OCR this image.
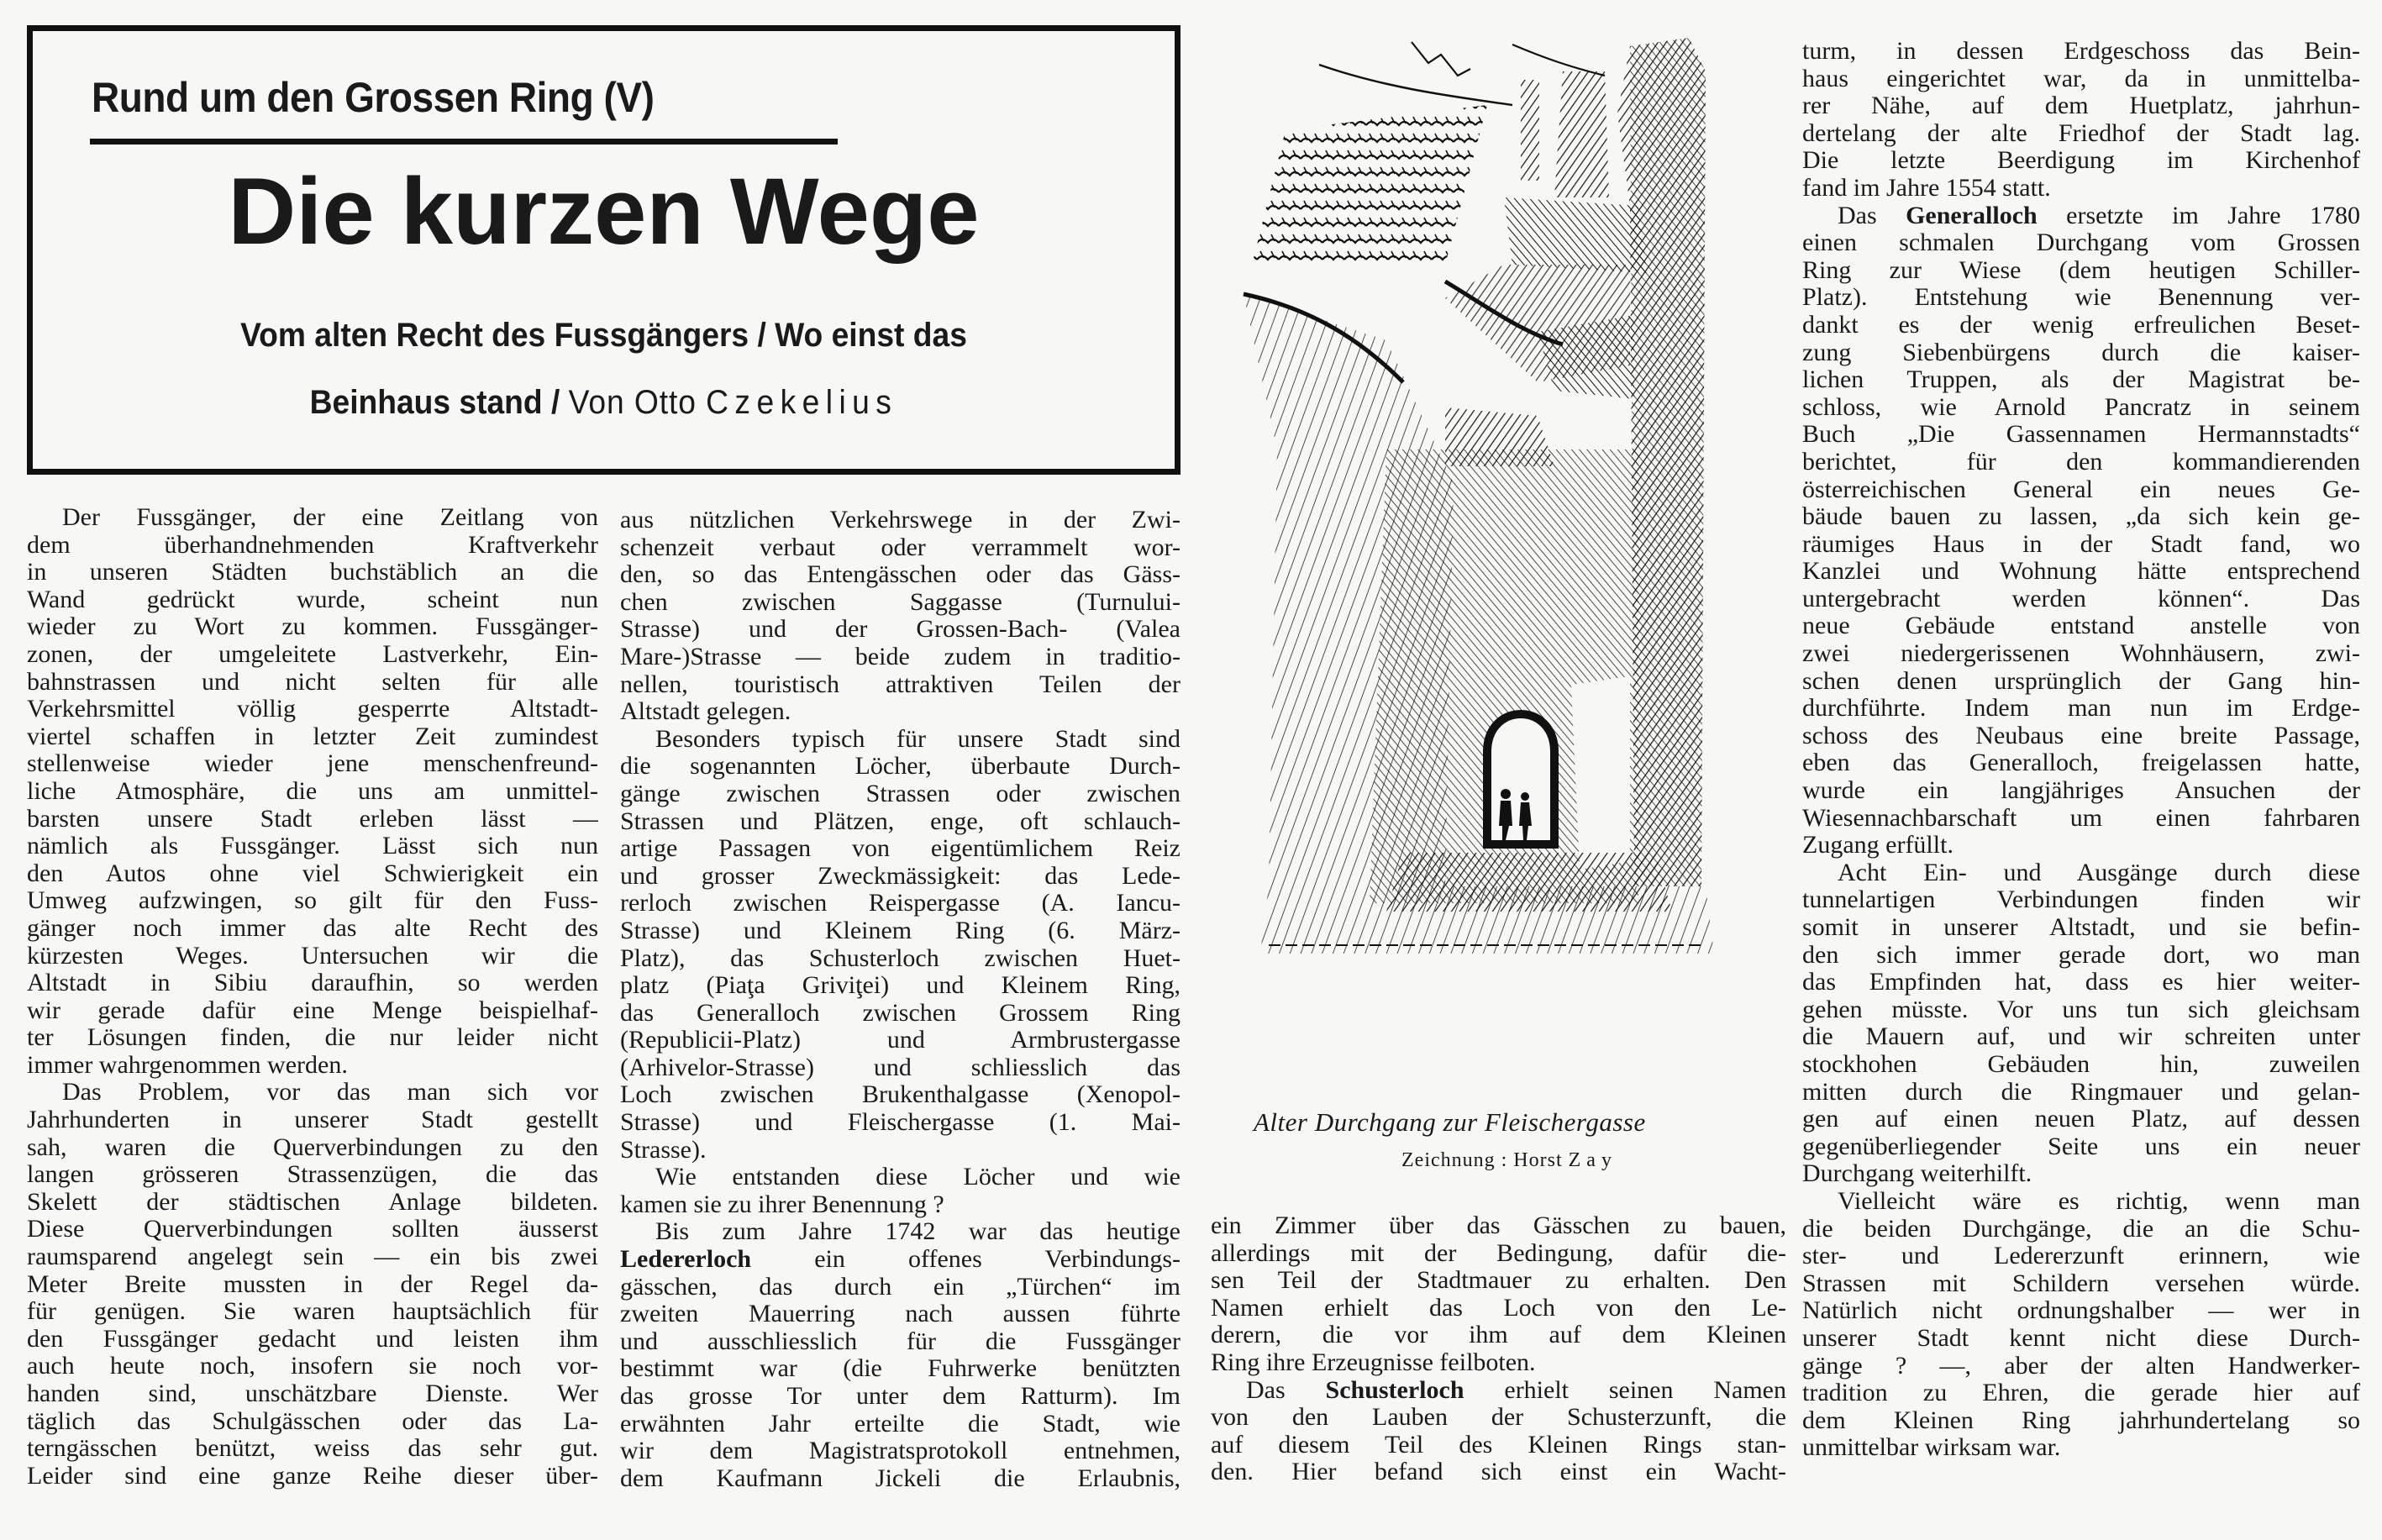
Rund um den Grossen Ring (V)
Die kurzen Wege
Vom alten Recht des Fussgängers / Wo einst das
Beinhaus stand / Von Otto Czekelius
Der Fussgänger, der eine Zeitlang von
dem überhandnehmenden Kraftverkehr
in unseren Städten buchstäblich an die
Wand gedrückt wurde, scheint nun
wieder zu Wort zu kommen. Fussgänger-
zonen, der umgeleitete Lastverkehr, Ein-
bahnstrassen und nicht selten für alle
Verkehrsmittel völlig gesperrte Altstadt-
viertel schaffen in letzter Zeit zumindest
stellenweise wieder jene menschenfreund-
liche Atmosphäre, die uns am unmittel-
barsten unsere Stadt erleben lässt —
nämlich als Fussgänger. Lässt sich nun
den Autos ohne viel Schwierigkeit ein
Umweg aufzwingen, so gilt für den Fuss-
gänger noch immer das alte Recht des
kürzesten Weges. Untersuchen wir die
Altstadt in Sibiu daraufhin, so werden
wir gerade dafür eine Menge beispielhaf-
ter Lösungen finden, die nur leider nicht
immer wahrgenommen werden.
Das Problem, vor das man sich vor
Jahrhunderten in unserer Stadt gestellt
sah, waren die Querverbindungen zu den
langen grösseren Strassenzügen, die das
Skelett der städtischen Anlage bildeten.
Diese Querverbindungen sollten äusserst
raumsparend angelegt sein — ein bis zwei
Meter Breite mussten in der Regel da-
für genügen. Sie waren hauptsächlich für
den Fussgänger gedacht und leisten ihm
auch heute noch, insofern sie noch vor-
handen sind, unschätzbare Dienste. Wer
täglich das Schulgässchen oder das La-
terngässchen benützt, weiss das sehr gut.
Leider sind eine ganze Reihe dieser über-
aus nützlichen Verkehrswege in der Zwi-
schenzeit verbaut oder verrammelt wor-
den, so das Entengässchen oder das Gäss-
chen zwischen Saggasse (Turnului-
Strasse) und der Grossen-Bach- (Valea
Mare-)Strasse — beide zudem in traditio-
nellen, touristisch attraktiven Teilen der
Altstadt gelegen.
Besonders typisch für unsere Stadt sind
die sogenannten Löcher, überbaute Durch-
gänge zwischen Strassen oder zwischen
Strassen und Plätzen, enge, oft schlauch-
artige Passagen von eigentümlichem Reiz
und grosser Zweckmässigkeit: das Lede-
rerloch zwischen Reispergasse (A. Iancu-
Strasse) und Kleinem Ring (6. März-
Platz), das Schusterloch zwischen Huet-
platz (Piaţa Griviţei) und Kleinem Ring,
das Generalloch zwischen Grossem Ring
(Republicii-Platz) und Armbrustergasse
(Arhivelor-Strasse) und schliesslich das
Loch zwischen Brukenthalgasse (Xenopol-
Strasse) und Fleischergasse (1. Mai-
Strasse).
Wie entstanden diese Löcher und wie
kamen sie zu ihrer Benennung ?
Bis zum Jahre 1742 war das heutige
Ledererloch ein offenes Verbindungs-
gässchen, das durch ein „Türchen“ im
zweiten Mauerring nach aussen führte
und ausschliesslich für die Fussgänger
bestimmt war (die Fuhrwerke benützten
das grosse Tor unter dem Ratturm). Im
erwähnten Jahr erteilte die Stadt, wie
wir dem Magistratsprotokoll entnehmen,
dem Kaufmann Jickeli die Erlaubnis,
Alter Durchgang zur Fleischergasse
Zeichnung : Horst Zay
ein Zimmer über das Gässchen zu bauen,
allerdings mit der Bedingung, dafür die-
sen Teil der Stadtmauer zu erhalten. Den
Namen erhielt das Loch von den Le-
derern, die vor ihm auf dem Kleinen
Ring ihre Erzeugnisse feilboten.
Das Schusterloch erhielt seinen Namen
von den Lauben der Schusterzunft, die
auf diesem Teil des Kleinen Rings stan-
den. Hier befand sich einst ein Wacht-
turm, in dessen Erdgeschoss das Bein-
haus eingerichtet war, da in unmittelba-
rer Nähe, auf dem Huetplatz, jahrhun-
dertelang der alte Friedhof der Stadt lag.
Die letzte Beerdigung im Kirchenhof
fand im Jahre 1554 statt.
Das Generalloch ersetzte im Jahre 1780
einen schmalen Durchgang vom Grossen
Ring zur Wiese (dem heutigen Schiller-
Platz). Entstehung wie Benennung ver-
dankt es der wenig erfreulichen Beset-
zung Siebenbürgens durch die kaiser-
lichen Truppen, als der Magistrat be-
schloss, wie Arnold Pancratz in seinem
Buch „Die Gassennamen Hermannstadts“
berichtet, für den kommandierenden
österreichischen General ein neues Ge-
bäude bauen zu lassen, „da sich kein ge-
räumiges Haus in der Stadt fand, wo
Kanzlei und Wohnung hätte entsprechend
untergebracht werden können“. Das
neue Gebäude entstand anstelle von
zwei niedergerissenen Wohnhäusern, zwi-
schen denen ursprünglich der Gang hin-
durchführte. Indem man nun im Erdge-
schoss des Neubaus eine breite Passage,
eben das Generalloch, freigelassen hatte,
wurde ein langjähriges Ansuchen der
Wiesennachbarschaft um einen fahrbaren
Zugang erfüllt.
Acht Ein- und Ausgänge durch diese
tunnelartigen Verbindungen finden wir
somit in unserer Altstadt, und sie befin-
den sich immer gerade dort, wo man
das Empfinden hat, dass es hier weiter-
gehen müsste. Vor uns tun sich gleichsam
die Mauern auf, und wir schreiten unter
stockhohen Gebäuden hin, zuweilen
mitten durch die Ringmauer und gelan-
gen auf einen neuen Platz, auf dessen
gegenüberliegender Seite uns ein neuer
Durchgang weiterhilft.
Vielleicht wäre es richtig, wenn man
die beiden Durchgänge, die an die Schu-
ster- und Ledererzunft erinnern, wie
Strassen mit Schildern versehen würde.
Natürlich nicht ordnungshalber — wer in
unserer Stadt kennt nicht diese Durch-
gänge ? —, aber der alten Handwerker-
tradition zu Ehren, die gerade hier auf
dem Kleinen Ring jahrhundertelang so
unmittelbar wirksam war.
